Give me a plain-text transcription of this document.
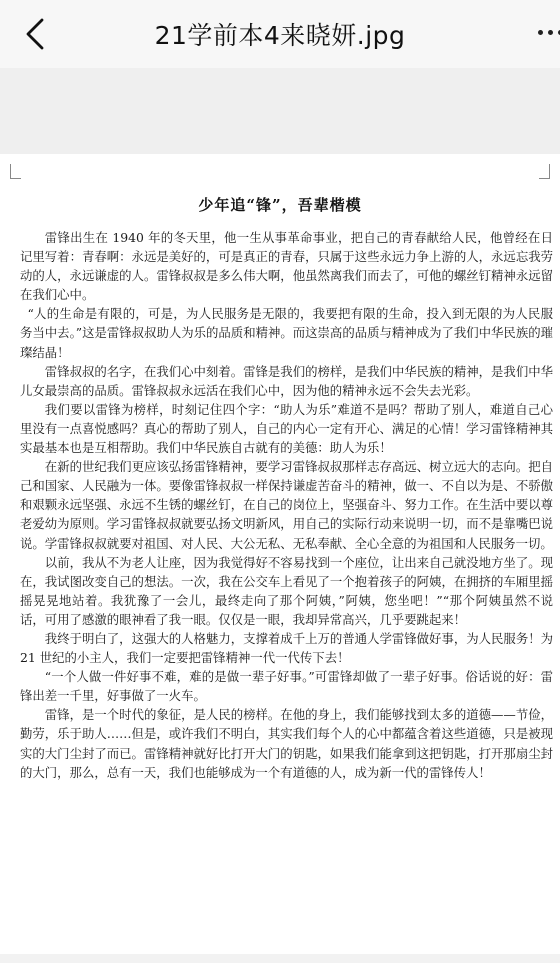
21学前本4来晓妍.jpg
少年追“锋”，吾辈楷模

雷锋出生在 1940 年的冬天里，他一生从事革命事业，把自己的青春献给人民，他曾经在日记里写着：青春啊：永远是美好的，可是真正的青春，只属于这些永远力争上游的人，永远忘我劳动的人，永远谦虚的人。雷锋叔叔是多么伟大啊，他虽然离我们而去了，可他的螺丝钉精神永远留在我们心中。

“人的生命是有限的，可是，为人民服务是无限的，我要把有限的生命，投入到无限的为人民服务当中去。”这是雷锋叔叔助人为乐的品质和精神。而这崇高的品质与精神成为了我们中华民族的璀璨结晶！

雷锋叔叔的名字，在我们心中刻着。雷锋是我们的榜样，是我们中华民族的精神，是我们中华儿女最崇高的品质。雷锋叔叔永远活在我们心中，因为他的精神永远不会失去光彩。

我们要以雷锋为榜样，时刻记住四个字：“助人为乐”难道不是吗？帮助了别人，难道自己心里没有一点喜悦感吗？真心的帮助了别人，自己的内心一定有开心、满足的心情！学习雷锋精神其实最基本也是互相帮助。我们中华民族自古就有的美德：助人为乐！

在新的世纪我们更应该弘扬雷锋精神，要学习雷锋叔叔那样志存高远、树立远大的志向。把自己和国家、人民融为一体。要像雷锋叔叔一样保持谦虚苦奋斗的精神，做一、不自以为是、不骄傲和艰颗永远坚强、永远不生锈的螺丝钉，在自己的岗位上，坚强奋斗、努力工作。在生活中要以尊老爱幼为原则。学习雷锋叔叔就要弘扬文明新风，用自己的实际行动来说明一切，而不是靠嘴巴说说。学雷锋叔叔就要对祖国、对人民、大公无私、无私奉献、全心全意的为祖国和人民服务一切。

以前，我从不为老人让座，因为我觉得好不容易找到一个座位，让出来自己就没地方坐了。现在，我试图改变自己的想法。一次，我在公交车上看见了一个抱着孩子的阿姨，在拥挤的车厢里摇摇晃晃地站着。我犹豫了一会儿，最终走向了那个阿姨，”阿姨，您坐吧！”“那个阿姨虽然不说话，可用了感激的眼神看了我一眼。仅仅是一眼，我却异常高兴，几乎要跳起来！

我终于明白了，这强大的人格魅力，支撑着成千上万的普通人学雷锋做好事，为人民服务！为 21 世纪的小主人，我们一定要把雷锋精神一代一代传下去！

“一个人做一件好事不难，难的是做一辈子好事。”可雷锋却做了一辈子好事。俗话说的好：雷锋出差一千里，好事做了一火车。

雷锋，是一个时代的象征，是人民的榜样。在他的身上，我们能够找到太多的道德——节俭，勤劳，乐于助人……但是，或许我们不明白，其实我们每个人的心中都蕴含着这些道德，只是被现实的大门尘封了而已。雷锋精神就好比打开大门的钥匙，如果我们能拿到这把钥匙，打开那扇尘封的大门，那么，总有一天，我们也能够成为一个有道德的人，成为新一代的雷锋传人！
